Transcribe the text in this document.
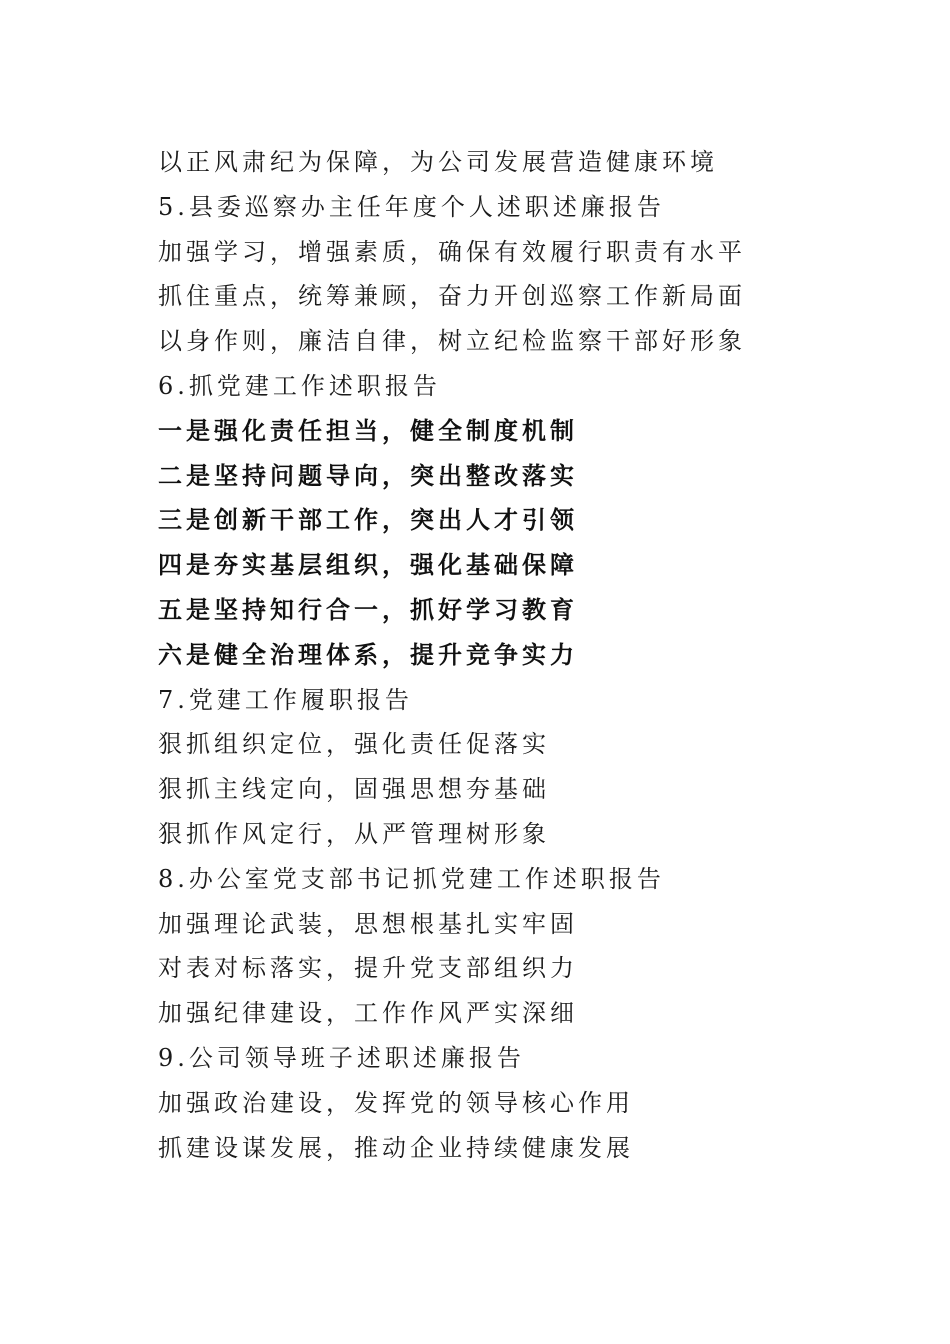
以正风肃纪为保障，为公司发展营造健康环境
5.县委巡察办主任年度个人述职述廉报告
加强学习，增强素质，确保有效履行职责有水平
抓住重点，统筹兼顾，奋力开创巡察工作新局面
以身作则，廉洁自律，树立纪检监察干部好形象
6.抓党建工作述职报告
一是强化责任担当，健全制度机制
二是坚持问题导向，突出整改落实
三是创新干部工作，突出人才引领
四是夯实基层组织，强化基础保障
五是坚持知行合一，抓好学习教育
六是健全治理体系，提升竞争实力
7.党建工作履职报告
狠抓组织定位，强化责任促落实
狠抓主线定向，固强思想夯基础
狠抓作风定行，从严管理树形象
8.办公室党支部书记抓党建工作述职报告
加强理论武装，思想根基扎实牢固
对表对标落实，提升党支部组织力
加强纪律建设，工作作风严实深细
9.公司领导班子述职述廉报告
加强政治建设，发挥党的领导核心作用
抓建设谋发展，推动企业持续健康发展
